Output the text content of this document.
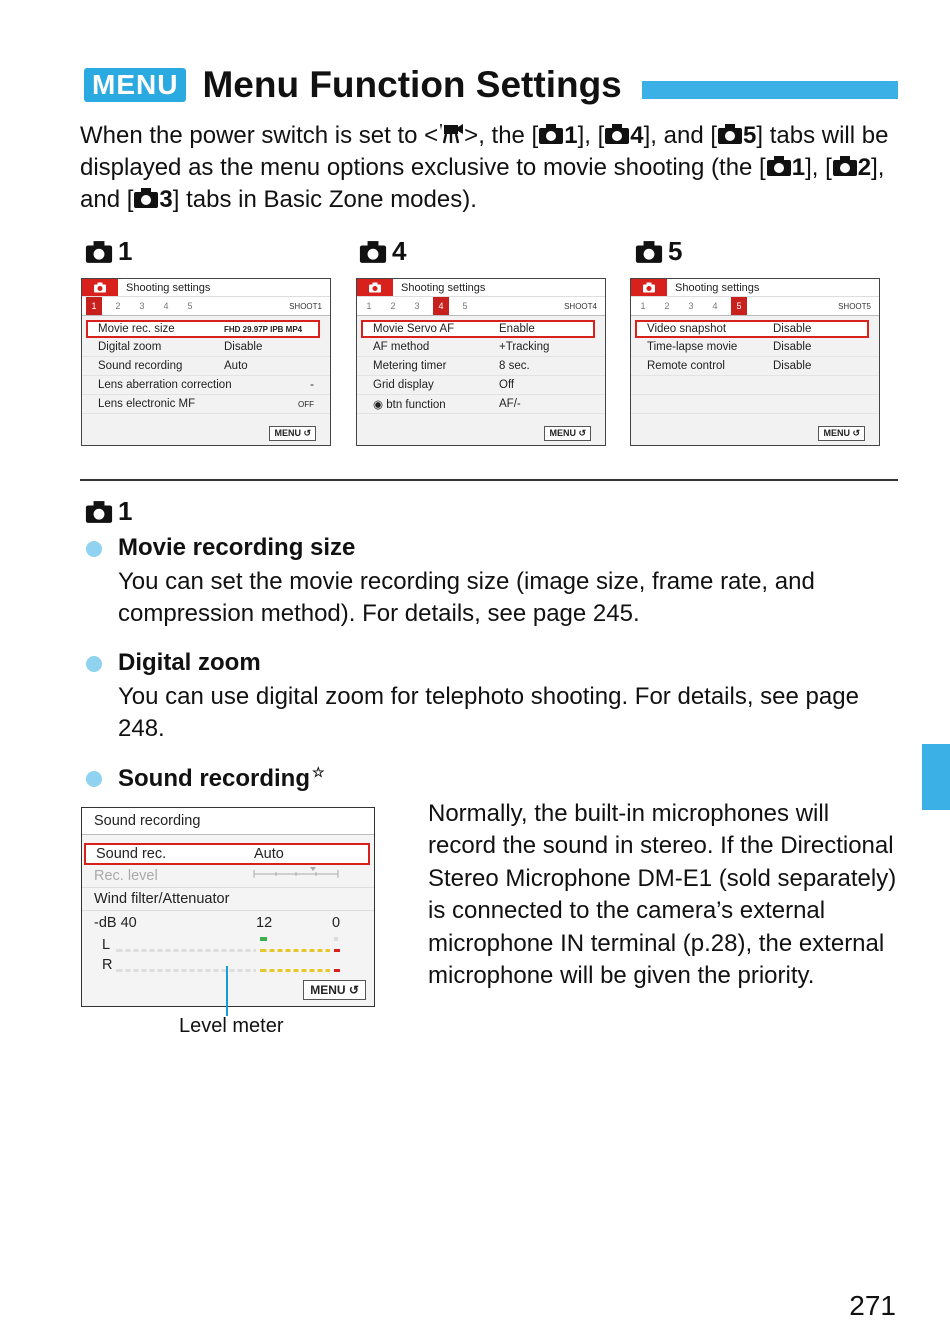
MENU Menu Function Settings
When the power switch is set to < >, the [ 1], [ 4], and [ 5] tabs will be displayed as the menu options exclusive to movie shooting (the [ 1], [ 2], and [ 3] tabs in Basic Zone modes).
1	4	5
Shooting settings
1	2	3	4	5	SHOOT1
Movie rec. size	FHD 29.97P IPB MP4
Digital zoom	Disable
Sound recording	Auto
Lens aberration correction	-
Lens electronic MF	OFF
MENU ↺
Shooting settings
1	2	3	4	5	SHOOT4
Movie Servo AF	Enable
AF method	+Tracking
Metering timer	8 sec.
Grid display	Off
◉ btn function	AF/-
MENU ↺
Shooting settings
1	2	3	4	5	SHOOT5
Video snapshot	Disable
Time-lapse movie	Disable
Remote control	Disable
MENU ↺
1
Movie recording size
You can set the movie recording size (image size, frame rate, and compression method). For details, see page 245.
Digital zoom
You can use digital zoom for telephoto shooting. For details, see page 248.
Sound recording ☆
Sound recording
Sound rec.	Auto
Rec. level
Wind filter/Attenuator
-dB 40	12	0
L
R
MENU ↺
Level meter
Normally, the built-in microphones will record the sound in stereo. If the Directional Stereo Microphone DM-E1 (sold separately) is connected to the camera’s external microphone IN terminal (p.28), the external microphone will be given the priority.
271
